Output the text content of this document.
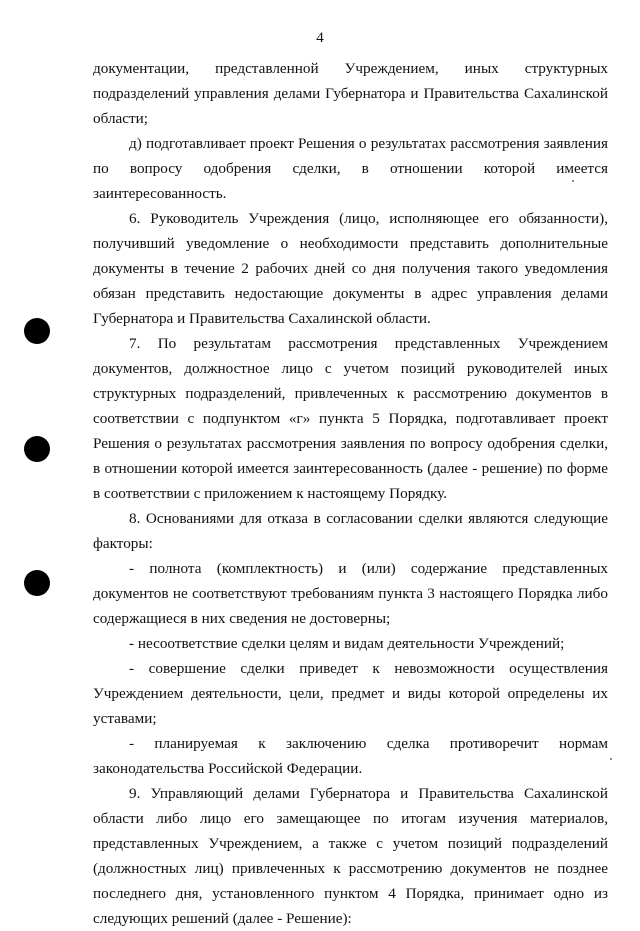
4

документации, представленной Учреждением, иных структурных подразделений управления делами Губернатора и Правительства Сахалинской области;

д) подготавливает проект Решения о результатах рассмотрения заявления по вопросу одобрения сделки, в отношении которой имеется заинтересованность.

6. Руководитель Учреждения (лицо, исполняющее его обязанности), получивший уведомление о необходимости представить дополнительные документы в течение 2 рабочих дней со дня получения такого уведомления обязан представить недостающие документы в адрес управления делами Губернатора и Правительства Сахалинской области.

7. По результатам рассмотрения представленных Учреждением документов, должностное лицо с учетом позиций руководителей иных структурных подразделений, привлеченных к рассмотрению документов в соответствии с подпунктом «г» пункта 5 Порядка, подготавливает проект Решения о результатах рассмотрения заявления по вопросу одобрения сделки, в отношении которой имеется заинтересованность (далее - решение) по форме в соответствии с приложением к настоящему Порядку.

8. Основаниями для отказа в согласовании сделки являются следующие факторы:

- полнота (комплектность) и (или) содержание представленных документов не соответствуют требованиям пункта 3 настоящего Порядка либо содержащиеся в них сведения не достоверны;

- несоответствие сделки целям и видам деятельности Учреждений;

- совершение сделки приведет к невозможности осуществления Учреждением деятельности, цели, предмет и виды которой определены их уставами;

- планируемая к заключению сделка противоречит нормам законодательства Российской Федерации.

9. Управляющий делами Губернатора и Правительства Сахалинской области либо лицо его замещающее по итогам изучения материалов, представленных Учреждением, а также с учетом позиций подразделений (должностных лиц) привлеченных к рассмотрению документов не позднее последнего дня, установленного пунктом 4 Порядка, принимает одно из следующих решений (далее - Решение):
